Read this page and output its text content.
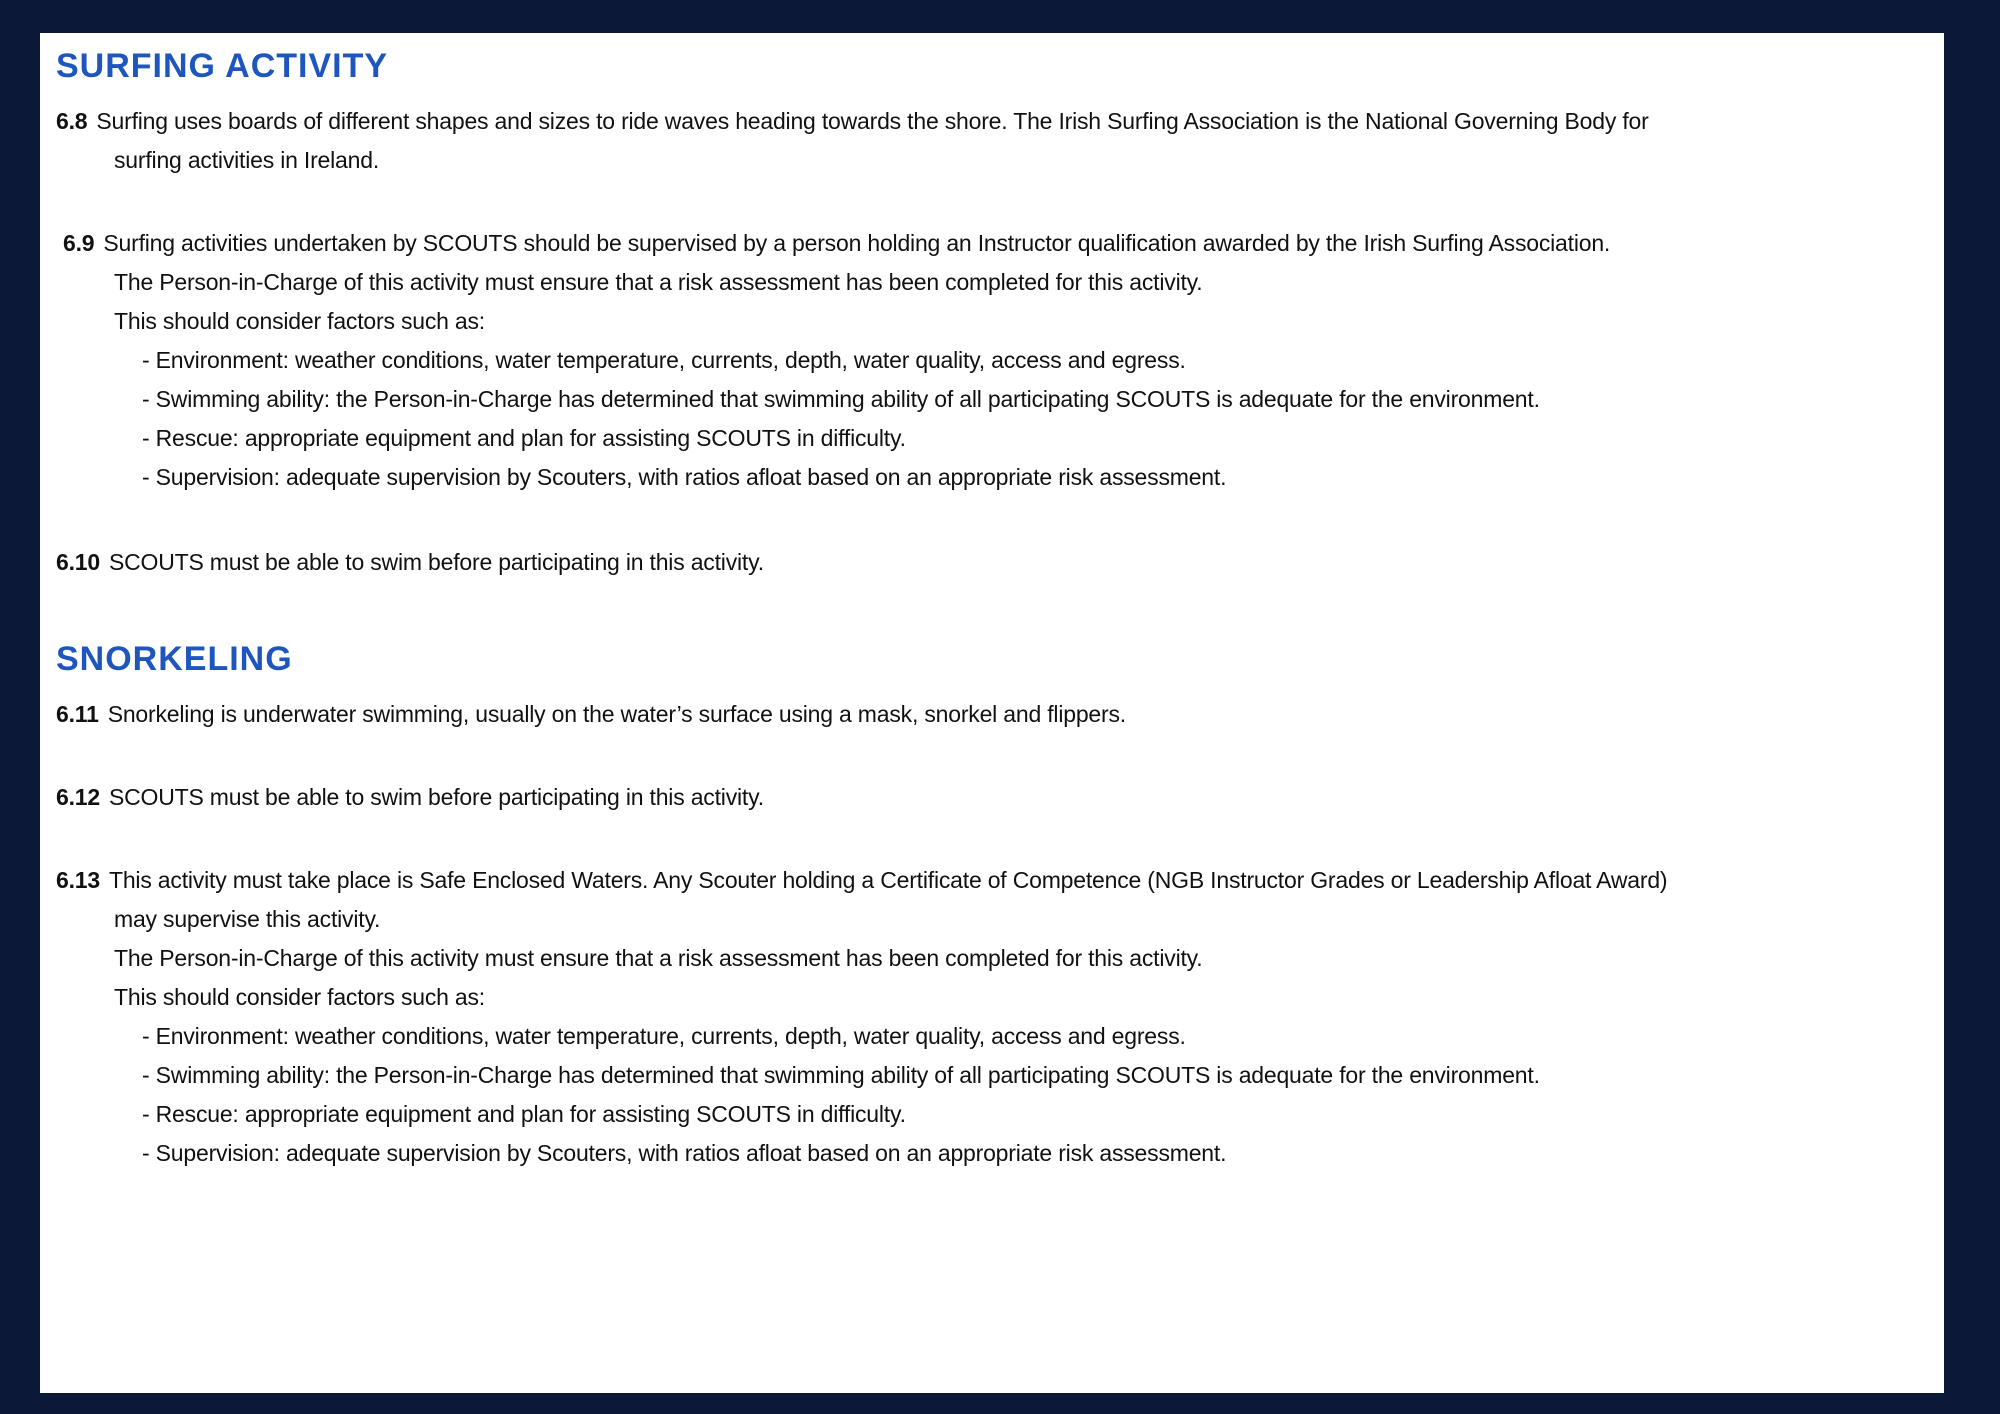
SURFING ACTIVITY
6.8 Surfing uses boards of different shapes and sizes to ride waves heading towards the shore. The Irish Surfing Association is the National Governing Body for
surfing activities in Ireland.
6.9 Surfing activities undertaken by SCOUTS should be supervised by a person holding an Instructor qualification awarded by the Irish Surfing Association.
The Person-in-Charge of this activity must ensure that a risk assessment has been completed for this activity.
This should consider factors such as:
- Environment: weather conditions, water temperature, currents, depth, water quality, access and egress.
- Swimming ability: the Person-in-Charge has determined that swimming ability of all participating SCOUTS is adequate for the environment.
- Rescue: appropriate equipment and plan for assisting SCOUTS in difficulty.
- Supervision: adequate supervision by Scouters, with ratios afloat based on an appropriate risk assessment.
6.10 SCOUTS must be able to swim before participating in this activity.
SNORKELING
6.11 Snorkeling is underwater swimming, usually on the water’s surface using a mask, snorkel and flippers.
6.12 SCOUTS must be able to swim before participating in this activity.
6.13 This activity must take place is Safe Enclosed Waters. Any Scouter holding a Certificate of Competence (NGB Instructor Grades or Leadership Afloat Award)
may supervise this activity.
The Person-in-Charge of this activity must ensure that a risk assessment has been completed for this activity.
This should consider factors such as:
- Environment: weather conditions, water temperature, currents, depth, water quality, access and egress.
- Swimming ability: the Person-in-Charge has determined that swimming ability of all participating SCOUTS is adequate for the environment.
- Rescue: appropriate equipment and plan for assisting SCOUTS in difficulty.
- Supervision: adequate supervision by Scouters, with ratios afloat based on an appropriate risk assessment.
